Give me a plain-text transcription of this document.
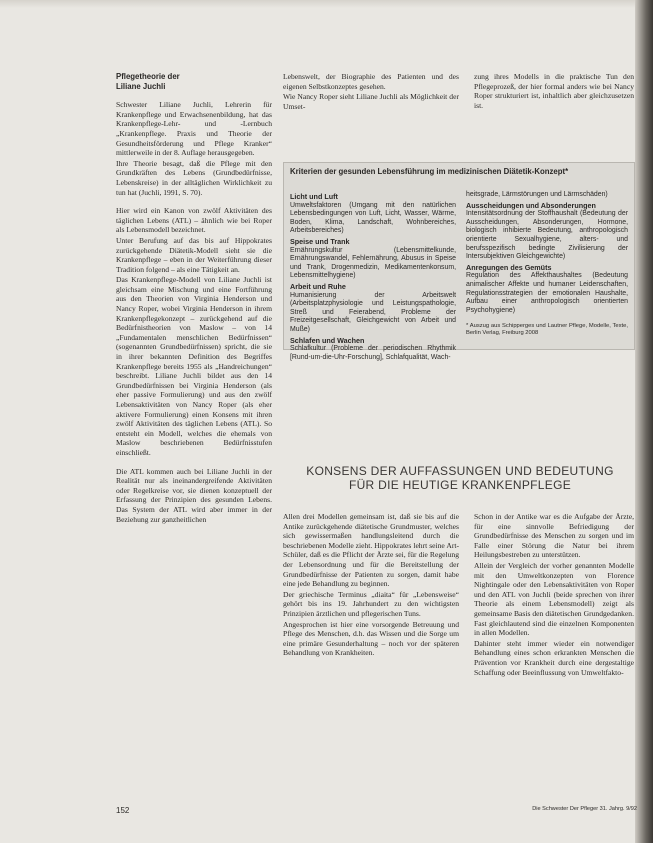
Pflegetheorie der
Liliane Juchli

Schwester Liliane Juchli, Lehrerin für Krankenpflege und Erwachsenenbildung, hat das Krankenpflege-Lehr- und -Lernbuch „Krankenpflege. Praxis und Theorie der Gesundheitsförderung und Pflege Kranker“ mittlerweile in der 8. Auflage herausgegeben.

Ihre Theorie besagt, daß die Pflege mit den Grundkräften des Lebens (Grundbedürfnisse, Lebenskreise) in der alltäglichen Wirklichkeit zu tun hat (Juchli, 1991, S. 70).

Hier wird ein Kanon von zwölf Aktivitäten des täglichen Lebens (ATL) – ähnlich wie bei Roper als Lebensmodell bezeichnet.

Unter Berufung auf das bis auf Hippokrates zurückgehende Diätetik-Modell sieht sie die Krankenpflege – eben in der Weiterführung dieser Tradition folgend – als eine Tätigkeit an.

Das Krankenpflege-Modell von Liliane Juchli ist gleichsam eine Mischung und eine Fortführung aus den Theorien von Virginia Henderson und Nancy Roper, wobei Virginia Henderson in ihrem Krankenpflegekonzept – zurückgehend auf die Bedürfnistheorien von Maslow – von 14 „Fundamentalen menschlichen Bedürfnissen“ (sogenannten Grundbedürfnissen) spricht, die sie in ihrer bekannten Definition des Begriffes Krankenpflege bereits 1955 als „Handreichungen“ beschreibt. Liliane Juchli bildet aus den 14 Grundbedürfnissen bei Virginia Henderson (als eher passive Formulierung) und aus den zwölf Lebensaktivitäten von Nancy Roper (als eher aktivere Formulierung) einen Konsens mit ihren zwölf Aktivitäten des täglichen Lebens (ATL). So entsteht ein Modell, welches die ehemals von Maslow beschriebenen Bedürfnisstufen einschließt.

Die ATL kommen auch bei Liliane Juchli in der Realität nur als ineinandergreifende Aktivitäten oder Regelkreise vor, sie dienen konzeptuell der Erfassung der Prinzipien des gesunden Lebens. Das System der ATL wird aber immer in der Beziehung zur ganzheitlichen

Lebenswelt, der Biographie des Patienten und des eigenen Selbstkonzeptes gesehen.

Wie Nancy Roper sieht Liliane Juchli als Möglichkeit der Umset-

zung ihres Modells in die praktische Tun den Pflegeprozeß, der hier formal anders wie bei Nancy Roper strukturiert ist, inhaltlich aber gleichzusetzen ist.

Kriterien der gesunden Lebensführung im medizinischen Diätetik-Konzept*
Licht und Luft

Umweltsfaktoren (Umgang mit den natürlichen Lebensbedingungen von Luft, Licht, Wasser, Wärme, Boden, Klima, Landschaft, Wohnbereiches, Arbeitsbereiches)

Speise und Trank

Ernährungskultur (Lebensmittelkunde, Ernährungswandel, Fehlernährung, Abusus in Speise und Trank, Drogenmedizin, Medikamentenkonsum, Lebensmittelhygiene)

Arbeit und Ruhe

Humanisierung der Arbeitswelt (Arbeitsplatzphysiologie und Leistungspathologie, Streß und Feierabend, Probleme der Freizeitgesellschaft, Gleichgewicht von Arbeit und Muße)

Schlafen und Wachen

Schlafkultur (Probleme der periodischen Rhythmik [Rund-um-die-Uhr-Forschung], Schlafqualität, Wach-

heitsgrade, Lärmstörungen und Lärmschäden)

Ausscheidungen und Absonderungen

Intensitätsordnung der Stoffhaushalt (Bedeutung der Ausscheidungen, Absonderungen, Hormone, biologisch inhibierte Bedeutung, anthropologisch orientierte Sexualhygiene, alters- und berufsspezifisch bedingte Zivilisierung der Intersubjektiven Gleichgewichte)

Anregungen des Gemüts

Regulation des Affekthaushaltes (Bedeutung animalischer Affekte und humaner Leidenschaften, Regulationsstrategien der emotionalen Haushalte, Aufbau einer anthropologisch orientierten Psychohygiene)

* Auszug aus Schipperges und Lautner Pflege, Modelle, Texte, Berlin Verlag, Freiburg 2008

KONSENS DER AUFFASSUNGEN UND BEDEUTUNG
FÜR DIE HEUTIGE KRANKENPFLEGE

Allen drei Modellen gemeinsam ist, daß sie bis auf die Antike zurückgehende diätetische Grundmuster, welches sich gewissermaßen handlungsleitend durch die beschriebenen Modelle zieht. Hippokrates lehrt seine Art-Schüler, daß es die Pflicht der Ärzte sei, für die Regelung der Lebensordnung und für die Bereitstellung der Grundbedürfnisse der Patienten zu sorgen, damit habe eine jede Behandlung zu beginnen.

Der griechische Terminus „diaita“ für „Lebensweise“ gehört bis ins 19. Jahrhundert zu den wichtigsten Prinzipien ärztlichen und pflegerischen Tuns.

Angesprochen ist hier eine vorsorgende Betreuung und Pflege des Menschen, d.h. das Wissen und die Sorge um eine primäre Gesunderhaltung – noch vor der späteren Behandlung von Krankheiten.

Schon in der Antike war es die Aufgabe der Ärzte, für eine sinnvolle Befriedigung der Grundbedürfnisse des Menschen zu sorgen und im Falle einer Störung die Natur bei ihrem Heilungsbestreben zu unterstützen.

Allein der Vergleich der vorher genannten Modelle mit den Umweltkonzepten von Florence Nightingale oder den Lebensaktivitäten von Roper und den ATL von Juchli (beide sprechen von ihrer Theorie als einem Lebensmodell) zeigt als gemeinsame Basis den diätetischen Grundgedanken. Fast gleichlautend sind die einzelnen Komponenten in allen Modellen.

Dahinter steht immer wieder ein notwendiger Behandlung eines schon erkrankten Menschen die Prävention vor Krankheit durch eine dergestaltige Schaffung oder Beeinflussung von Umweltfakto-

152	Die Schwester Der Pfleger 31. Jahrg. 9/92
